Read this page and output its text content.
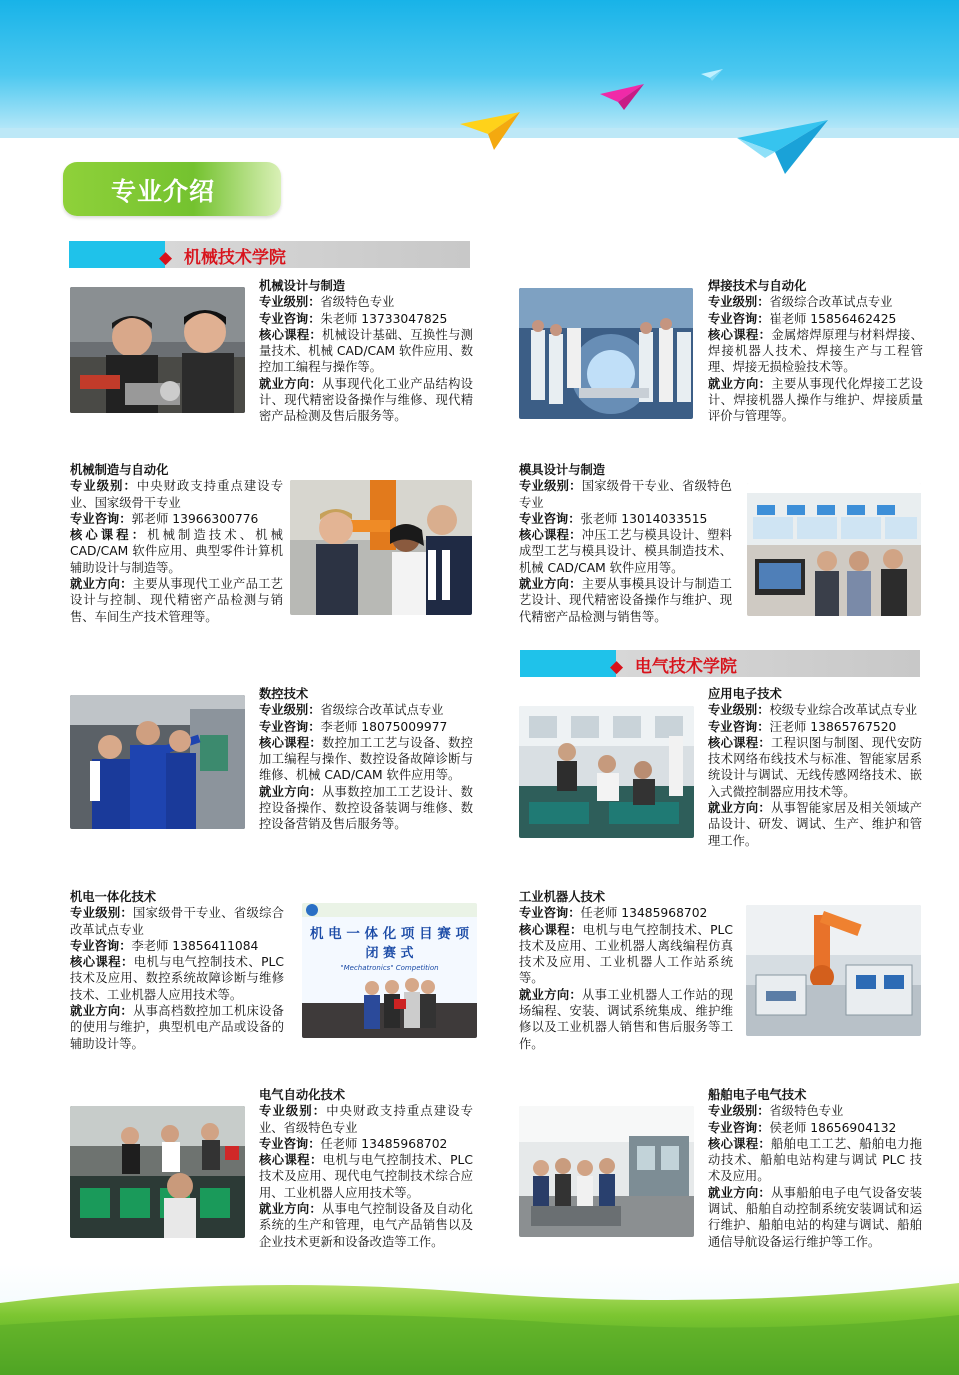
专业介绍
◆ 机械技术学院
◆ 电气技术学院
机 电 一 体 化 项 目 赛 项
闭 赛 式
"Mechatronics" Competition
机械设计与制造
专业级别：省级特色专业
专业咨询：朱老师 13733047825
核心课程：机械设计基础、互换性与测量技术、机械 CAD/CAM 软件应用、数控加工编程与操作等。
就业方向：从事现代化工业产品结构设计、现代精密设备操作与维修、现代精密产品检测及售后服务等。
焊接技术与自动化
专业级别：省级综合改革试点专业
专业咨询：崔老师 15856462425
核心课程：金属熔焊原理与材料焊接、焊接机器人技术、焊接生产与工程管理、焊接无损检验技术等。
就业方向：主要从事现代化焊接工艺设计、焊接机器人操作与维护、焊接质量评价与管理等。
机械制造与自动化
专业级别：中央财政支持重点建设专业、国家级骨干专业
专业咨询：郭老师 13966300776
核心课程：机械制造技术、机械 CAD/CAM 软件应用、典型零件计算机辅助设计与制造等。
就业方向：主要从事现代工业产品工艺设计与控制、现代精密产品检测与销售、车间生产技术管理等。
模具设计与制造
专业级别：国家级骨干专业、省级特色专业
专业咨询：张老师 13014033515
核心课程：冲压工艺与模具设计、塑料成型工艺与模具设计、模具制造技术、机械 CAD/CAM 软件应用等。
就业方向：主要从事模具设计与制造工艺设计、现代精密设备操作与维护、现代精密产品检测与销售等。
数控技术
专业级别：省级综合改革试点专业
专业咨询：李老师 18075009977
核心课程：数控加工工艺与设备、数控加工编程与操作、数控设备故障诊断与维修、机械 CAD/CAM 软件应用等。
就业方向：从事数控加工工艺设计、数控设备操作、数控设备装调与维修、数控设备营销及售后服务等。
应用电子技术
专业级别：校级专业综合改革试点专业
专业咨询：汪老师 13865767520
核心课程：工程识图与制图、现代安防技术网络布线技术与标准、智能家居系统设计与调试、无线传感网络技术、嵌入式微控制器应用技术等。
就业方向：从事智能家居及相关领域产品设计、研发、调试、生产、维护和管理工作。
机电一体化技术
专业级别：国家级骨干专业、省级综合改革试点专业
专业咨询：李老师 13856411084
核心课程：电机与电气控制技术、PLC 技术及应用、数控系统故障诊断与维修技术、工业机器人应用技术等。
就业方向：从事高档数控加工机床设备的使用与维护，典型机电产品或设备的辅助设计等。
工业机器人技术
专业咨询：任老师 13485968702
核心课程：电机与电气控制技术、PLC 技术及应用、工业机器人离线编程仿真技术及应用、工业机器人工作站系统等。
就业方向：从事工业机器人工作站的现场编程、安装、调试系统集成、维护维修以及工业机器人销售和售后服务等工作。
电气自动化技术
专业级别：中央财政支持重点建设专业、省级特色专业
专业咨询：任老师 13485968702
核心课程：电机与电气控制技术、PLC 技术及应用、现代电气控制技术综合应用、工业机器人应用技术等。
就业方向：从事电气控制设备及自动化系统的生产和管理，电气产品销售以及企业技术更新和设备改造等工作。
船舶电子电气技术
专业级别：省级特色专业
专业咨询：侯老师 18656904132
核心课程：船舶电工工艺、船舶电力拖动技术、船舶电站构建与调试 PLC 技术及应用。
就业方向：从事船舶电子电气设备安装调试、船舶自动控制系统安装调试和运行维护、船舶电站的构建与调试、船舶通信导航设备运行维护等工作。
